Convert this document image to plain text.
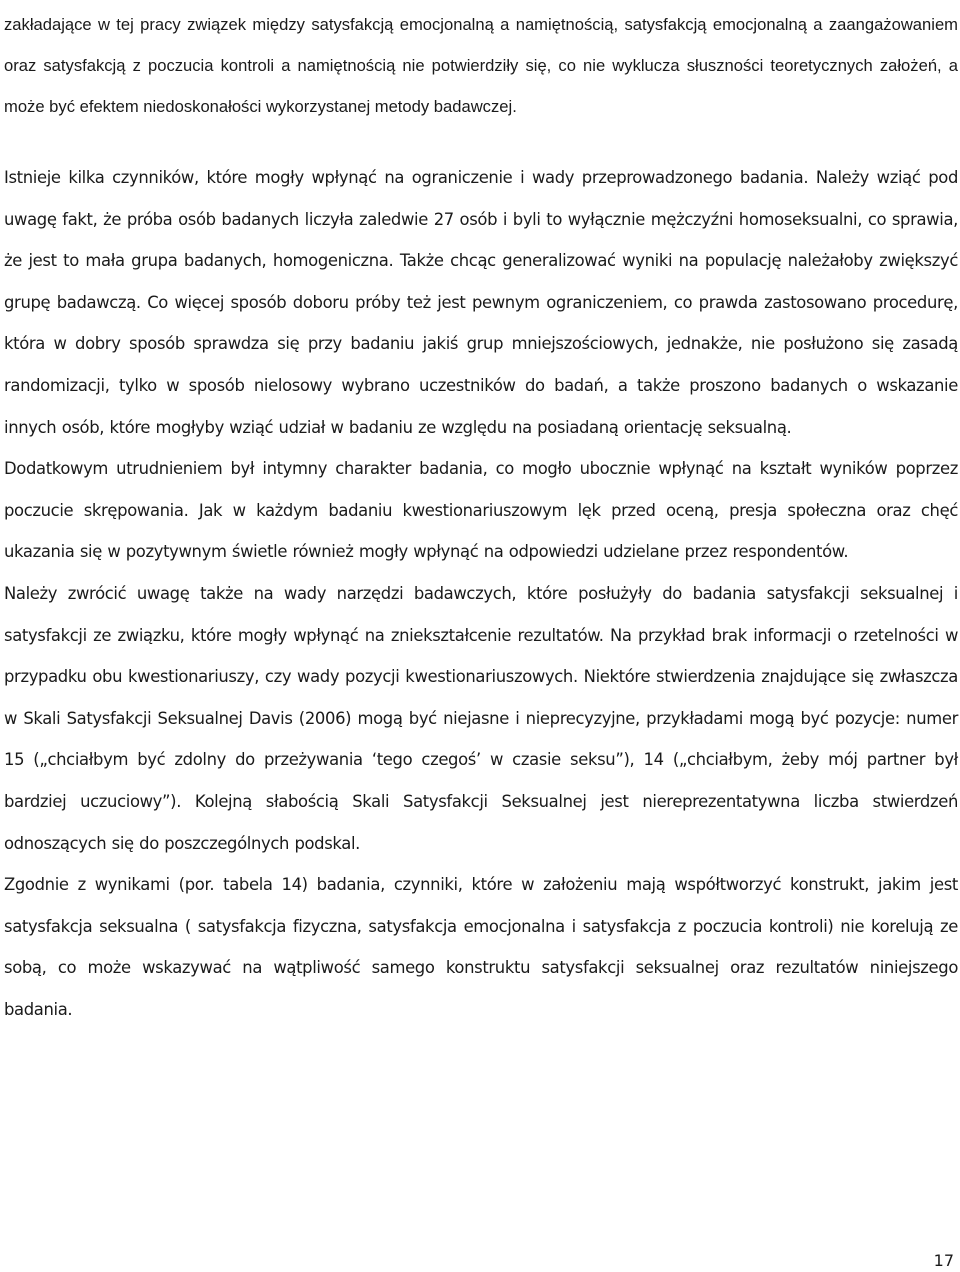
zakładające w tej pracy związek między satysfakcją emocjonalną a namiętnością, satysfakcją emocjonalną a zaangażowaniem oraz satysfakcją z poczucia kontroli a namiętnością nie potwierdziły się, co nie wyklucza słuszności teoretycznych założeń, a może być efektem niedoskonałości wykorzystanej metody badawczej.

Istnieje kilka czynników, które mogły wpłynąć na ograniczenie i wady przeprowadzonego badania. Należy wziąć pod uwagę fakt, że próba osób badanych liczyła zaledwie 27 osób i byli to wyłącznie mężczyźni homoseksualni, co sprawia, że jest to mała grupa badanych, homogeniczna. Także chcąc generalizować wyniki na populację należałoby zwiększyć grupę badawczą. Co więcej sposób doboru próby też jest pewnym ograniczeniem, co prawda zastosowano procedurę, która w dobry sposób sprawdza się przy badaniu jakiś grup mniejszościowych, jednakże, nie posłużono się zasadą randomizacji, tylko w sposób nielosowy wybrano uczestników do badań, a także proszono badanych o wskazanie innych osób, które mogłyby wziąć udział w badaniu ze względu na posiadaną orientację seksualną.

Dodatkowym utrudnieniem był intymny charakter badania, co mogło ubocznie wpłynąć na kształt wyników poprzez poczucie skrępowania. Jak w każdym badaniu kwestionariuszowym lęk przed oceną, presja społeczna oraz chęć ukazania się w pozytywnym świetle również mogły wpłynąć na odpowiedzi udzielane przez respondentów.

Należy zwrócić uwagę także na wady narzędzi badawczych, które posłużyły do badania satysfakcji seksualnej i satysfakcji ze związku, które mogły wpłynąć na zniekształcenie rezultatów. Na przykład brak informacji o rzetelności w przypadku obu kwestionariuszy, czy wady pozycji kwestionariuszowych. Niektóre stwierdzenia znajdujące się zwłaszcza w Skali Satysfakcji Seksualnej Davis (2006) mogą być niejasne i nieprecyzyjne, przykładami mogą być pozycje: numer 15 („chciałbym być zdolny do przeżywania ‘tego czegoś’ w czasie seksu”), 14 („chciałbym, żeby mój partner był bardziej uczuciowy”). Kolejną słabością Skali Satysfakcji Seksualnej jest niereprezentatywna liczba stwierdzeń odnoszących się do poszczególnych podskal.

Zgodnie z wynikami (por. tabela 14) badania, czynniki, które w założeniu mają współtworzyć konstrukt, jakim jest satysfakcja seksualna ( satysfakcja fizyczna, satysfakcja emocjonalna i satysfakcja z poczucia kontroli) nie korelują ze sobą, co może wskazywać na wątpliwość samego konstruktu satysfakcji seksualnej oraz rezultatów niniejszego badania.

17
